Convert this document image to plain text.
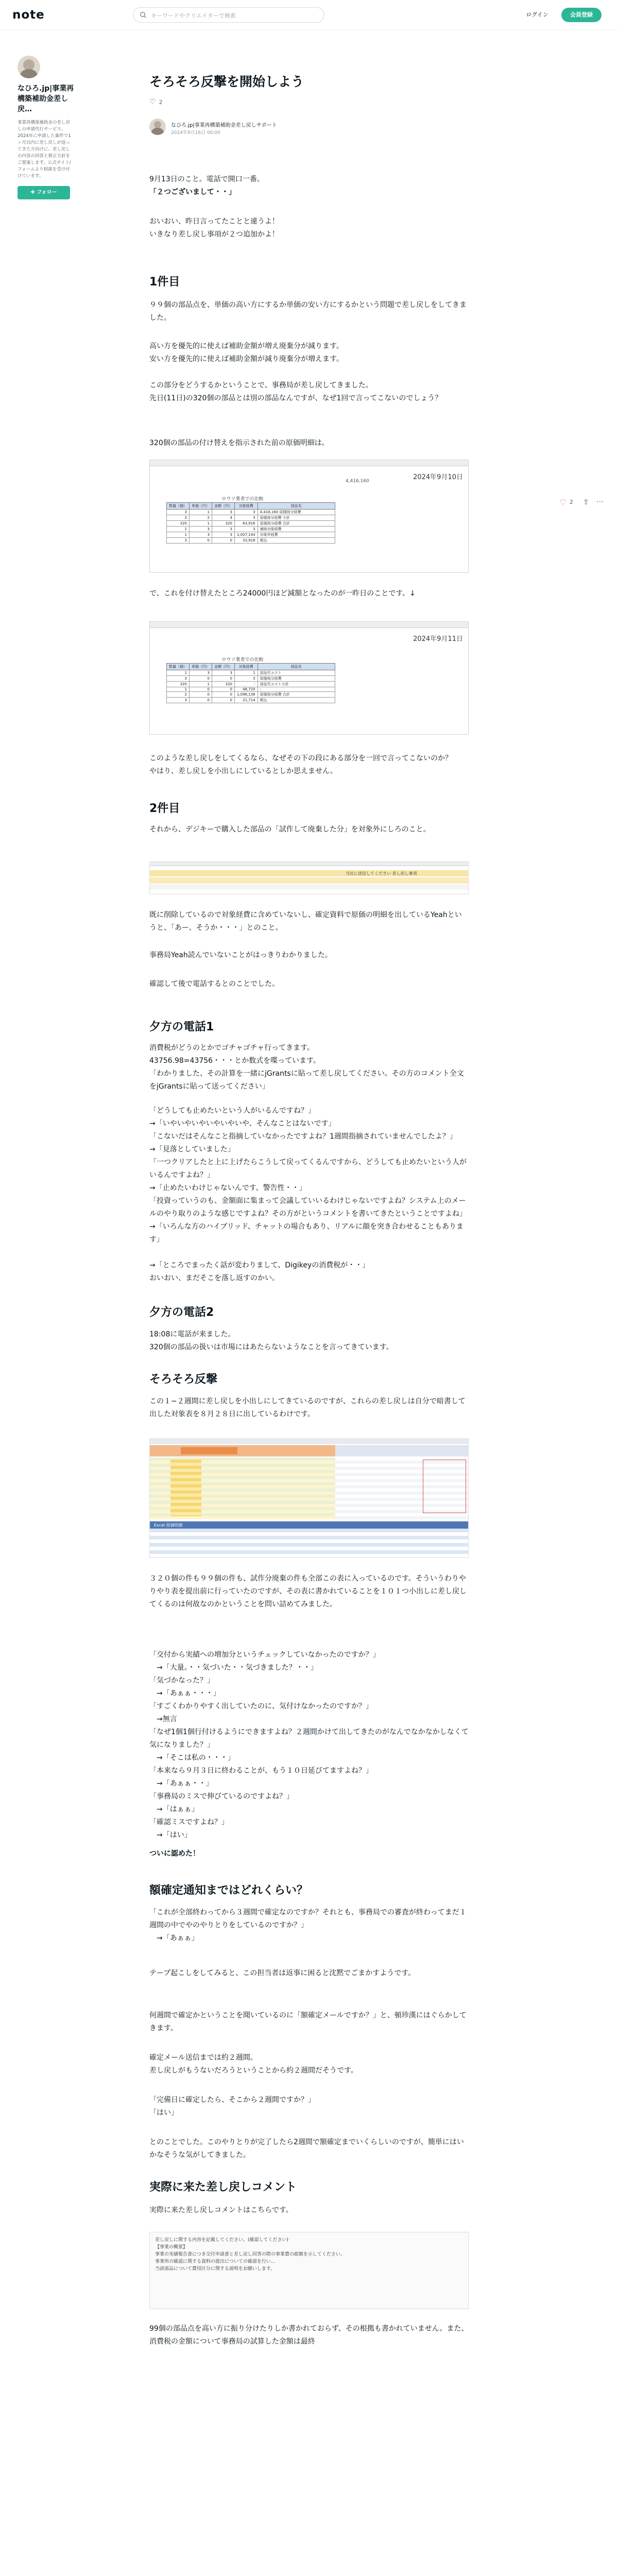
note
キーワードやクリエイターで検索	ログイン	会員登録
なひろ.jp|事業再構築補助金差し戻…
事業再構築補助金の差し戻しの申請代行サービス。2024年に申請した案件で1ヶ月以内に差し戻しが返ってきた方向けに、差し戻しの内容の回答と修正方針をご提案します。公式サイト/フォームより相談を受け付けています。
✚ フォロー
♡ 2 ⇧ ⋯
そろそろ反撃を開始しよう
♡ 2
なひろ.jp|事業再構築補助金差し戻しサポート
2024年9月16日 00:00
9月13日のこと。電話で開口一番。
「２つございまして・・」
おいおい、昨日言ってたことと違うよ！
いきなり差し戻し事項が２つ追加かよ！
1件目
９９個の部品点を、単価の高い方にするか単価の安い方にするかという問題で差し戻しをしてきました。
高い方を優先的に使えば補助金額が増え廃棄分が減ります。
安い方を優先的に使えば補助金額が減り廃棄分が増えます。
この部分をどうするかということで、事務局が差し戻してきました。
先日(11日)の320個の部品とは別の部品なんですが、なぜ1回で言ってこないのでしょう？
320個の部品の付け替えを指示された前の原価明細は。
2024年9月10日
4,416,160
ロウソ業者での比較
数量（個）	単価（円）	金額（円）	対象経費	部品名
3	1	3	3	4,416,160 原価按分経費
2	2	4	3	原価按分経費 小計
320	1	320	63,916	原価按分経費 合計
1	3	3	3	補助対象経費
1	3	3	1,007,144	対象外経費
3	0	0	33,918	税込
で、これを付け替えたところ24000円ほど減額となったのが一昨日のことです。↓
2024年9月11日
ロウソ業者での比較
数量（個）	単価（円）	金額（円）	対象経費	部品名
1	3	3	1	部品代コスト
3	0	0	3	原価按分経費
320	1	320	-	部品代コスト小計
1	0	0	48,720	-
2	0	0	1,096,136	原価按分経費 合計
3	0	0	21,714	税込
このような差し戻しをしてくるなら、なぜその下の段にある部分を一回で言ってこないのか？
やはり、差し戻しを小出しにしているとしか思えません。
2件目
それから、デジキーで購入した部品の「試作して廃棄した分」を対象外にしろのこと。
当社に送信してください 差し戻し事項
既に削除しているので対象経費に含めていないし、確定資料で原価の明細を出しているYeahというと、「あー、そうか・・・」とのこと。
事務局Yeah読んでいないことがはっきりわかりました。
確認して後で電話するとのことでした。
夕方の電話1
消費税がどうのとかでゴチャゴチャ行ってきます。
43756.98=43756・・・とか数式を喋っています。
「わかりました、その計算を一緒にjGrantsに貼って差し戻してください。その方のコメント全文をjGrantsに貼って送ってください」
「どうしても止めたいという人がいるんですね？」
→「いやいやいやいやいやいや、そんなことはないです」
「こないだはそんなこと指摘していなかったですよね？1週間指摘されていませんでしたよ？」
→「見落としていました」
「一つクリアしたと上に上げたらこうして戻ってくるんですから、どうしても止めたいという人がいるんですよね？」
→「止めたいわけじゃないんです、警告性・・」
「投資っていうのも、金額面に集まって会議していいるわけじゃないですよね？システム上のメールのやり取りのような感じですよね？その方がというコメントを書いてきたということですよね」
→「いろんな方のハイブリッド、チャットの場合もあり、リアルに顔を突き合わせることもあります」
→「ところでまったく話が変わりまして、Digikeyの消費税が・・」
おいおい、まだそこを落し返すのかい。
夕方の電話2
18:08に電話が来ました。
320個の部品の扱いは市場にはあたらないようなことを言ってきています。
そろそろ反撃
この１−２週間に差し戻しを小出しにしてきているのですが、これらの差し戻しは自分で暗書して出した対象表を８月２８日に出しているわけです。
Excel 原価明細
３２０個の件も９９個の件も、試作分廃棄の件も全部この表に入っているのです。そういうわりやりやり表を提出前に行っていたのですが、その表に書かれていることを１０１つ小出しに差し戻してくるのは何故なのかということを問い詰めてみました。
「交付から実績への増加分というチェックしていなかったのですか？」
　→「大量。・・気づいた・・気づきました？・・」
「気づかなった？」
　→「あぁぁ・・・」
「すごくわかりやすく出していたのに、気付けなかったのですか？」
　→無言
「なぜ1個1個行付けるようにできますよね？２週間かけて出してきたのがなんでなかなかしなくて気になりました？」
　→「そこは私の・・・」
「本来なら９月３日に終わることが、もう１０日延びてますよね？」
　→「あぁぁ・・」
「事務局のミスで伸びているのですよね？」
　→「はぁぁ」
「確認ミスですよね？」
　→「はい」
ついに認めた！
額確定通知まではどれくらい？
「これが全部終わってから３週間で確定なのですか？それとも、事務局での審査が終わってまだ１週間の中でやのやりとりをしているのですか？」
　→「あぁぁ」
テープ起こしをしてみると、この担当者は返事に困ると沈黙でごまかすようです。
何週間で確定かということを聞いているのに「額確定メールですか？」と、頓珍漢にはぐらかしてきます。
確定メール送信までは約２週間。
差し戻しがもうないだろうということから約２週間だそうです。
「完備日に確定したら、そこから２週間ですか？」
「はい」
とのことでした。このやりとりが完了したら2週間で額確定までいくらしいのですが、簡単にはいかなそうな気がしてきました。
実際に来た差し戻しコメント
実際に来た差し戻しコメントはこちらです。
差し戻しに関する内容を記載してください。(確認してください)
【事業の概要】
事業の実績報告書につき交付申請書と差し戻し回答の際の事業費の総額を示してください。
事業所の確認に関する資料の提出についての確認を行い...
当該部品について費用区分に関する説明をお願いします。
99個の部品点を高い方に振り分けたりしか書かれておらず、その根拠も書かれていません。また、消費税の金額について事務局の試算した金額は最終
